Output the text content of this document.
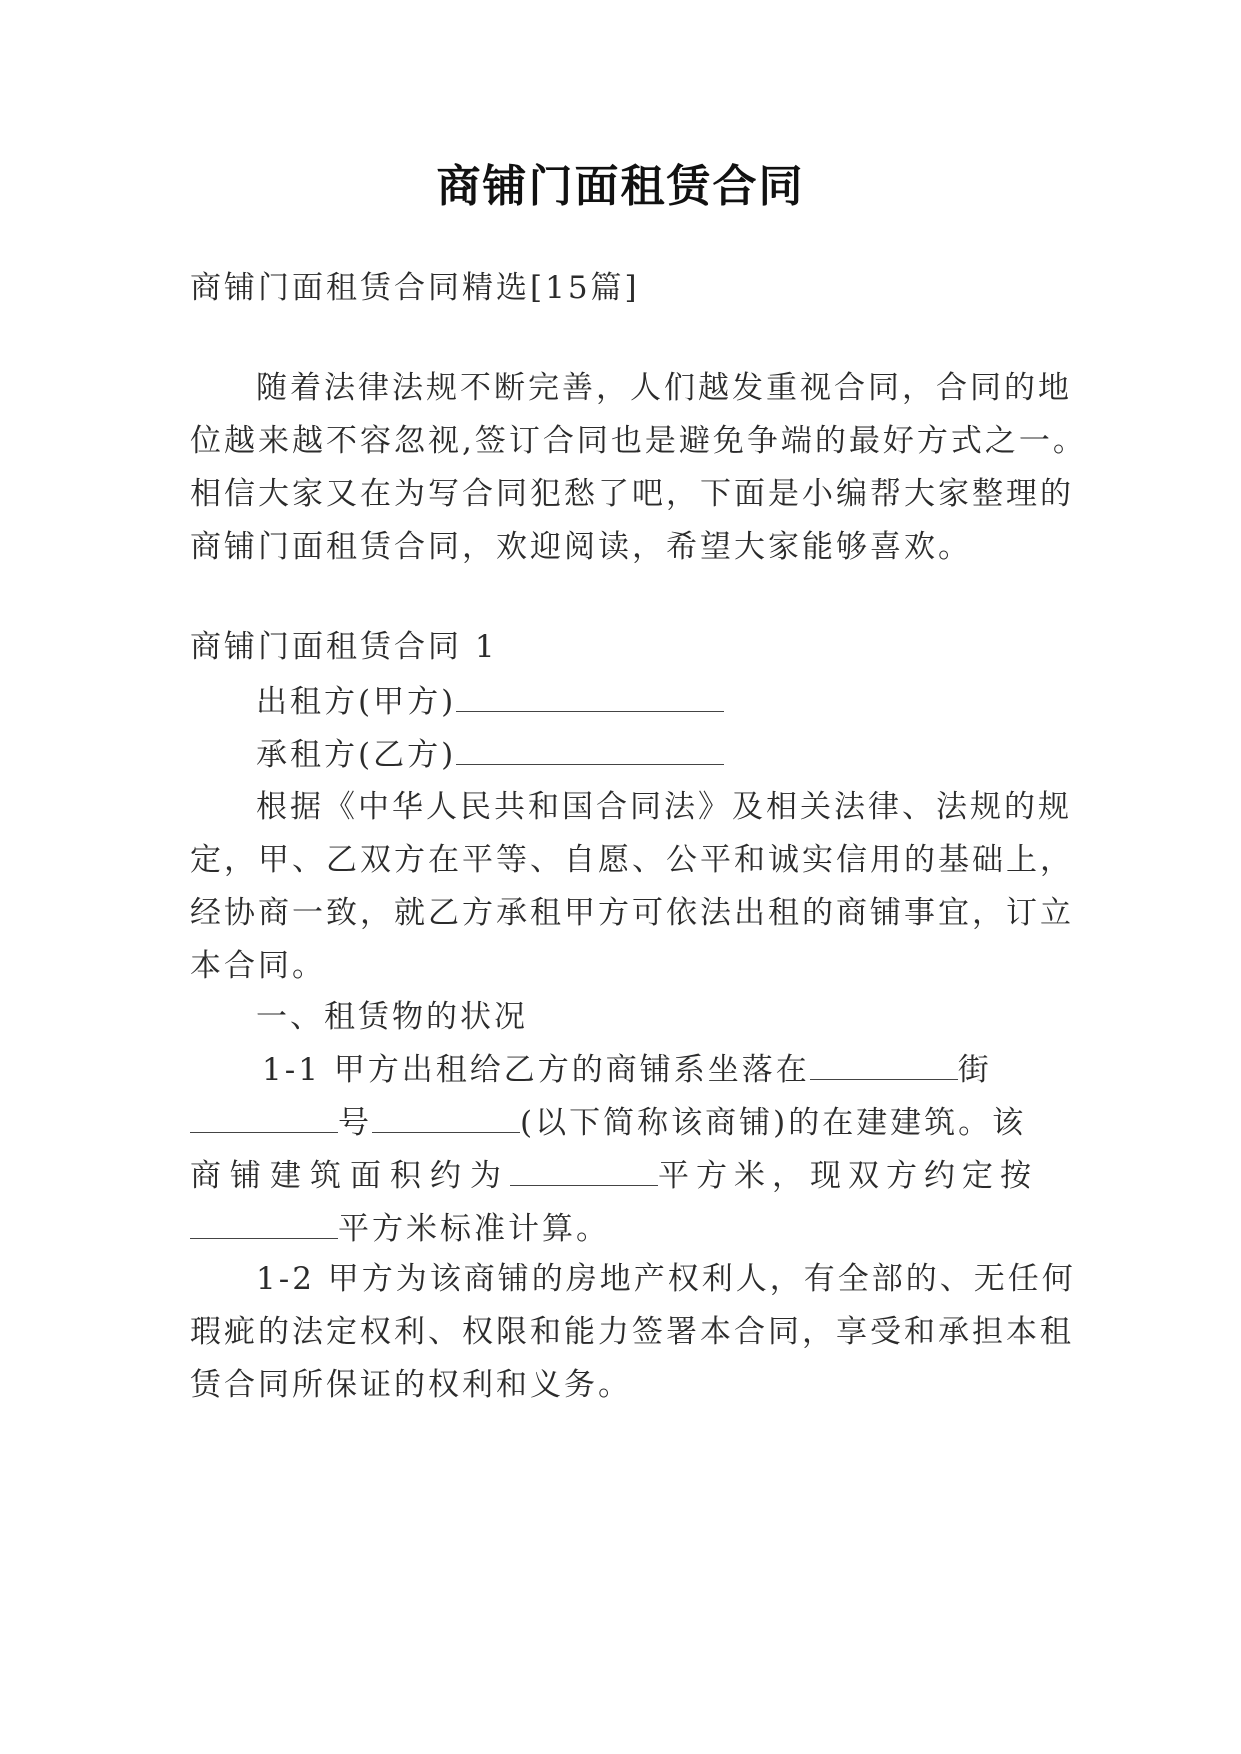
商铺门面租赁合同
商铺门面租赁合同精选[15篇]
随着法律法规不断完善，人们越发重视合同，合同的地
位越来越不容忽视,签订合同也是避免争端的最好方式之一。
相信大家又在为写合同犯愁了吧，下面是小编帮大家整理的
商铺门面租赁合同，欢迎阅读，希望大家能够喜欢。
商铺门面租赁合同 1
出租方(甲方)
承租方(乙方)
根据《中华人民共和国合同法》及相关法律、法规的规
定，甲、乙双方在平等、自愿、公平和诚实信用的基础上，
经协商一致，就乙方承租甲方可依法出租的商铺事宜，订立
本合同。
一、租赁物的状况
1-1 甲方出租给乙方的商铺系坐落在	街
号	(以下简称该商铺)的在建建筑。该
商铺建筑面积约为	平方米，现双方约定按
平方米标准计算。
1-2 甲方为该商铺的房地产权利人，有全部的、无任何
瑕疵的法定权利、权限和能力签署本合同，享受和承担本租
赁合同所保证的权利和义务。
